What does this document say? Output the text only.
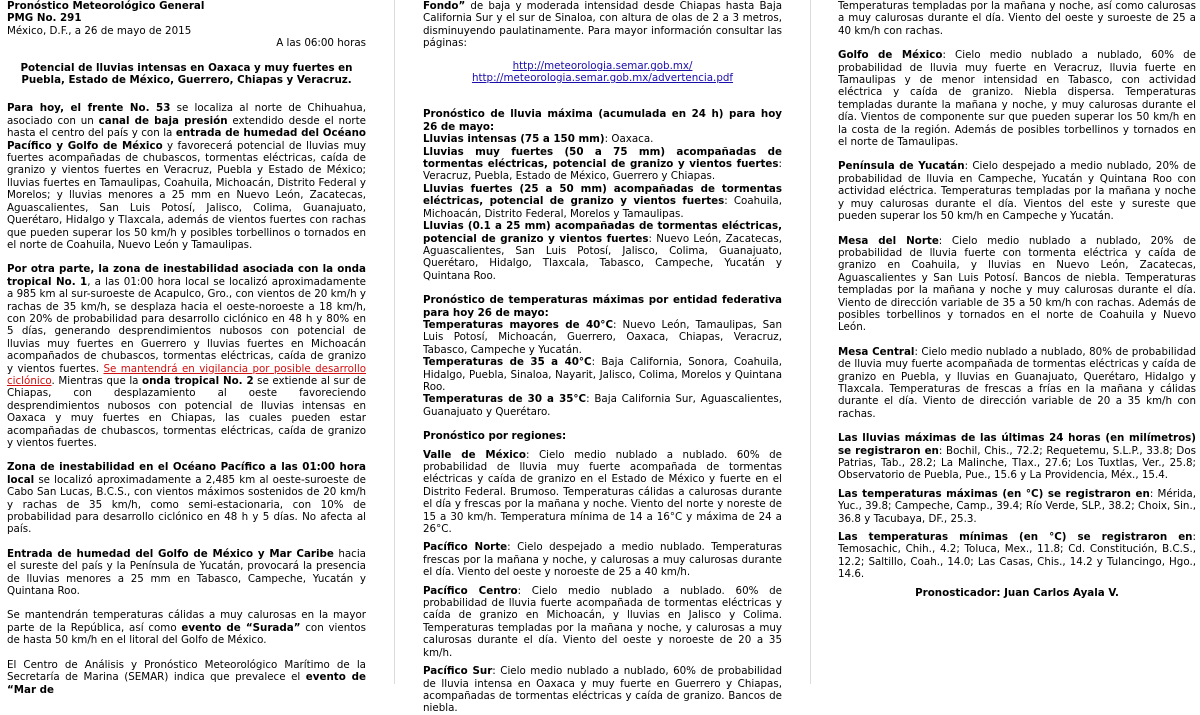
Pronóstico Meteorológico General
PMG No. 291
México, D.F., a 26 de mayo de 2015
A las 06:00 horas
Potencial de lluvias intensas en Oaxaca y muy fuertes en Puebla, Estado de México, Guerrero, Chiapas y Veracruz.

Para hoy, el frente No. 53 se localiza al norte de Chihuahua, asociado con un canal de baja presión extendido desde el norte hasta el centro del país y con la entrada de humedad del Océano Pacífico y Golfo de México y favorecerá potencial de lluvias muy fuertes acompañadas de chubascos, tormentas eléctricas, caída de granizo y vientos fuertes en Veracruz, Puebla y Estado de México; lluvias fuertes en Tamaulipas, Coahuila, Michoacán, Distrito Federal y Morelos; y lluvias menores a 25 mm en Nuevo León, Zacatecas, Aguascalientes, San Luis Potosí, Jalisco, Colima, Guanajuato, Querétaro, Hidalgo y Tlaxcala, además de vientos fuertes con rachas que pueden superar los 50 km/h y posibles torbellinos o tornados en el norte de Coahuila, Nuevo León y Tamaulipas.

Por otra parte, la zona de inestabilidad asociada con la onda tropical No. 1, a las 01:00 hora local se localizó aproximadamente a 985 km al sur-suroeste de Acapulco, Gro., con vientos de 20 km/h y rachas de 35 km/h, se desplaza hacia el oeste-noroeste a 18 km/h, con 20% de probabilidad para desarrollo ciclónico en 48 h y 80% en 5 días, generando desprendimientos nubosos con potencial de lluvias muy fuertes en Guerrero y lluvias fuertes en Michoacán acompañados de chubascos, tormentas eléctricas, caída de granizo y vientos fuertes. Se mantendrá en vigilancia por posible desarrollo ciclónico. Mientras que la onda tropical No. 2 se extiende al sur de Chiapas, con desplazamiento al oeste favoreciendo desprendimientos nubosos con potencial de lluvias intensas en Oaxaca y muy fuertes en Chiapas, las cuales pueden estar acompañadas de chubascos, tormentas eléctricas, caída de granizo y vientos fuertes.

Zona de inestabilidad en el Océano Pacífico a las 01:00 hora local se localizó aproximadamente a 2,485 km al oeste-suroeste de Cabo San Lucas, B.C.S., con vientos máximos sostenidos de 20 km/h y rachas de 35 km/h, como semi-estacionaria, con 10% de probabilidad para desarrollo ciclónico en 48 h y 5 días. No afecta al país.

Entrada de humedad del Golfo de México y Mar Caribe hacia el sureste del país y la Península de Yucatán, provocará la presencia de lluvias menores a 25 mm en Tabasco, Campeche, Yucatán y Quintana Roo.

Se mantendrán temperaturas cálidas a muy calurosas en la mayor parte de la República, así como evento de “Surada” con vientos de hasta 50 km/h en el litoral del Golfo de México.

El Centro de Análisis y Pronóstico Meteorológico Marítimo de la Secretaría de Marina (SEMAR) indica que prevalece el evento de “Mar de

Fondo” de baja y moderada intensidad desde Chiapas hasta Baja California Sur y el sur de Sinaloa, con altura de olas de 2 a 3 metros, disminuyendo paulatinamente. Para mayor información consultar las páginas:

http://meteorologia.semar.gob.mx/
http://meteorologia.semar.gob.mx/advertencia.pdf
Pronóstico de lluvia máxima (acumulada en 24 h) para hoy 26 de mayo:
Lluvias intensas (75 a 150 mm): Oaxaca.
Lluvias muy fuertes (50 a 75 mm) acompañadas de tormentas eléctricas, potencial de granizo y vientos fuertes: Veracruz, Puebla, Estado de México, Guerrero y Chiapas.
Lluvias fuertes (25 a 50 mm) acompañadas de tormentas eléctricas, potencial de granizo y vientos fuertes: Coahuila, Michoacán, Distrito Federal, Morelos y Tamaulipas.

Lluvias (0.1 a 25 mm) acompañadas de tormentas eléctricas, potencial de granizo y vientos fuertes: Nuevo León, Zacatecas, Aguascalientes, San Luis Potosí, Jalisco, Colima, Guanajuato, Querétaro, Hidalgo, Tlaxcala, Tabasco, Campeche, Yucatán y Quintana Roo.

Pronóstico de temperaturas máximas por entidad federativa para hoy 26 de mayo:
Temperaturas mayores de 40°C: Nuevo León, Tamaulipas, San Luis Potosí, Michoacán, Guerrero, Oaxaca, Chiapas, Veracruz, Tabasco, Campeche y Yucatán.
Temperaturas de 35 a 40°C: Baja California, Sonora, Coahuila, Hidalgo, Puebla, Sinaloa, Nayarit, Jalisco, Colima, Morelos y Quintana Roo.

Temperaturas de 30 a 35°C: Baja California Sur, Aguascalientes, Guanajuato y Querétaro.

Pronóstico por regiones:

Valle de México: Cielo medio nublado a nublado. 60% de probabilidad de lluvia muy fuerte acompañada de tormentas eléctricas y caída de granizo en el Estado de México y fuerte en el Distrito Federal. Brumoso. Temperaturas cálidas a calurosas durante el día y frescas por la mañana y noche. Viento del norte y noreste de 15 a 30 km/h. Temperatura mínima de 14 a 16°C y máxima de 24 a 26°C.

Pacífico Norte: Cielo despejado a medio nublado. Temperaturas frescas por la mañana y noche, y calurosas a muy calurosas durante el día. Viento del oeste y noroeste de 25 a 40 km/h.

Pacífico Centro: Cielo medio nublado a nublado. 60% de probabilidad de lluvia fuerte acompañada de tormentas eléctricas y caída de granizo en Michoacán, y lluvias en Jalisco y Colima. Temperaturas templadas por la mañana y noche, y calurosas a muy calurosas durante el día. Viento del oeste y noroeste de 20 a 35 km/h.

Pacífico Sur: Cielo medio nublado a nublado, 60% de probabilidad de lluvia intensa en Oaxaca y muy fuerte en Guerrero y Chiapas, acompañadas de tormentas eléctricas y caída de granizo. Bancos de niebla.

Temperaturas templadas por la mañana y noche, así como calurosas a muy calurosas durante el día. Viento del oeste y suroeste de 25 a 40 km/h con rachas.

Golfo de México: Cielo medio nublado a nublado, 60% de probabilidad de lluvia muy fuerte en Veracruz, lluvia fuerte en Tamaulipas y de menor intensidad en Tabasco, con actividad eléctrica y caída de granizo. Niebla dispersa. Temperaturas templadas durante la mañana y noche, y muy calurosas durante el día. Vientos de componente sur que pueden superar los 50 km/h en la costa de la región. Además de posibles torbellinos y tornados en el norte de Tamaulipas.

Península de Yucatán: Cielo despejado a medio nublado, 20% de probabilidad de lluvia en Campeche, Yucatán y Quintana Roo con actividad eléctrica. Temperaturas templadas por la mañana y noche y muy calurosas durante el día. Vientos del este y sureste que pueden superar los 50 km/h en Campeche y Yucatán.

Mesa del Norte: Cielo medio nublado a nublado, 20% de probabilidad de lluvia fuerte con tormenta eléctrica y caída de granizo en Coahuila, y lluvias en Nuevo León, Zacatecas, Aguascalientes y San Luis Potosí. Bancos de niebla. Temperaturas templadas por la mañana y noche y muy calurosas durante el día. Viento de dirección variable de 35 a 50 km/h con rachas. Además de posibles torbellinos y tornados en el norte de Coahuila y Nuevo León.

Mesa Central: Cielo medio nublado a nublado, 80% de probabilidad de lluvia muy fuerte acompañada de tormentas eléctricas y caída de granizo en Puebla, y lluvias en Guanajuato, Querétaro, Hidalgo y Tlaxcala. Temperaturas de frescas a frías en la mañana y cálidas durante el día. Viento de dirección variable de 20 a 35 km/h con rachas.

Las lluvias máximas de las últimas 24 horas (en milímetros) se registraron en: Bochil, Chis., 72.2; Requetemu, S.L.P., 33.8; Dos Patrias, Tab., 28.2; La Malinche, Tlax., 27.6; Los Tuxtlas, Ver., 25.8; Observatorio de Puebla, Pue., 15.6 y La Providencia, Méx., 15.4.

Las temperaturas máximas (en °C) se registraron en: Mérida, Yuc., 39.8; Campeche, Camp., 39.4; Río Verde, SLP., 38.2; Choix, Sin., 36.8 y Tacubaya, DF., 25.3.

Las temperaturas mínimas (en °C) se registraron en: Temosachic, Chih., 4.2; Toluca, Mex., 11.8; Cd. Constitución, B.C.S., 12.2; Saltillo, Coah., 14.0; Las Casas, Chis., 14.2 y Tulancingo, Hgo., 14.6.

Pronosticador: Juan Carlos Ayala V.
